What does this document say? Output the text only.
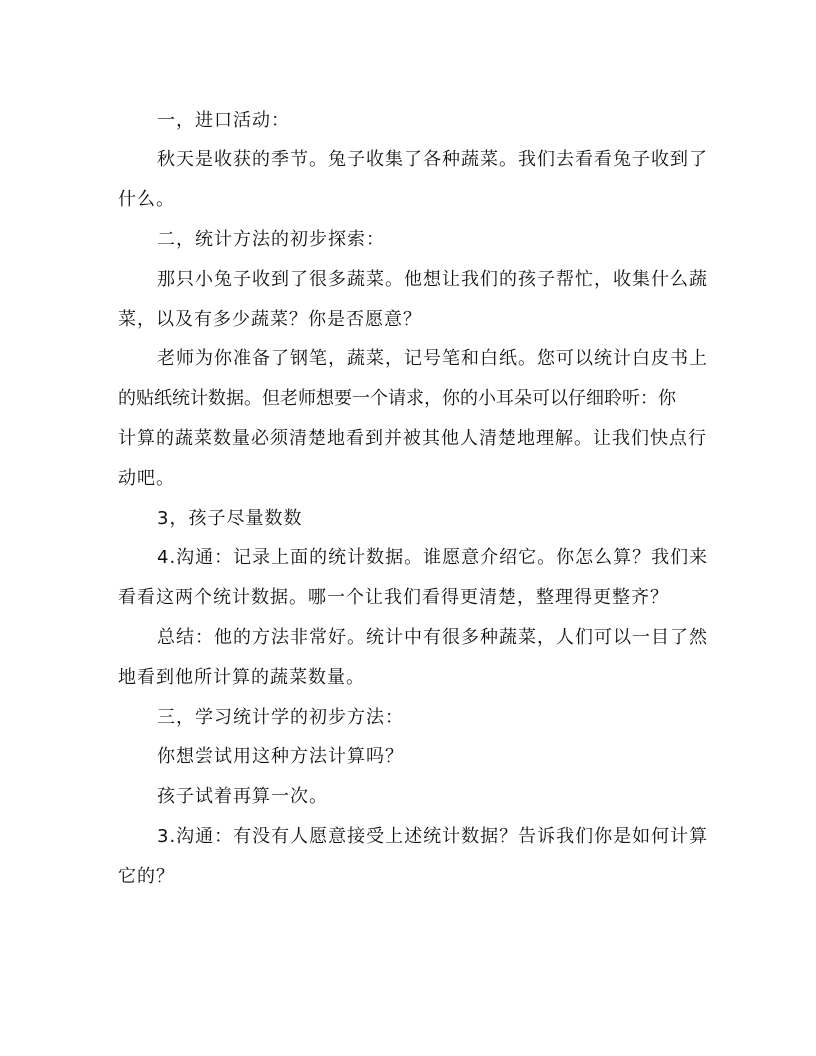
一，进口活动：
秋天是收获的季节。兔子收集了各种蔬菜。我们去看看兔子收到了
什么。
二，统计方法的初步探索：
那只小兔子收到了很多蔬菜。他想让我们的孩子帮忙，收集什么蔬
菜，以及有多少蔬菜？你是否愿意？
老师为你准备了钢笔，蔬菜，记号笔和白纸。您可以统计白皮书上
的贴纸统计数据。但老师想要一个请求，你的小耳朵可以仔细聆听：你
计算的蔬菜数量必须清楚地看到并被其他人清楚地理解。让我们快点行
动吧。
3，孩子尽量数数
4.沟通：记录上面的统计数据。谁愿意介绍它。你怎么算？我们来
看看这两个统计数据。哪一个让我们看得更清楚，整理得更整齐？
总结：他的方法非常好。统计中有很多种蔬菜，人们可以一目了然
地看到他所计算的蔬菜数量。
三，学习统计学的初步方法：
你想尝试用这种方法计算吗？
孩子试着再算一次。
3.沟通：有没有人愿意接受上述统计数据？告诉我们你是如何计算
它的？
